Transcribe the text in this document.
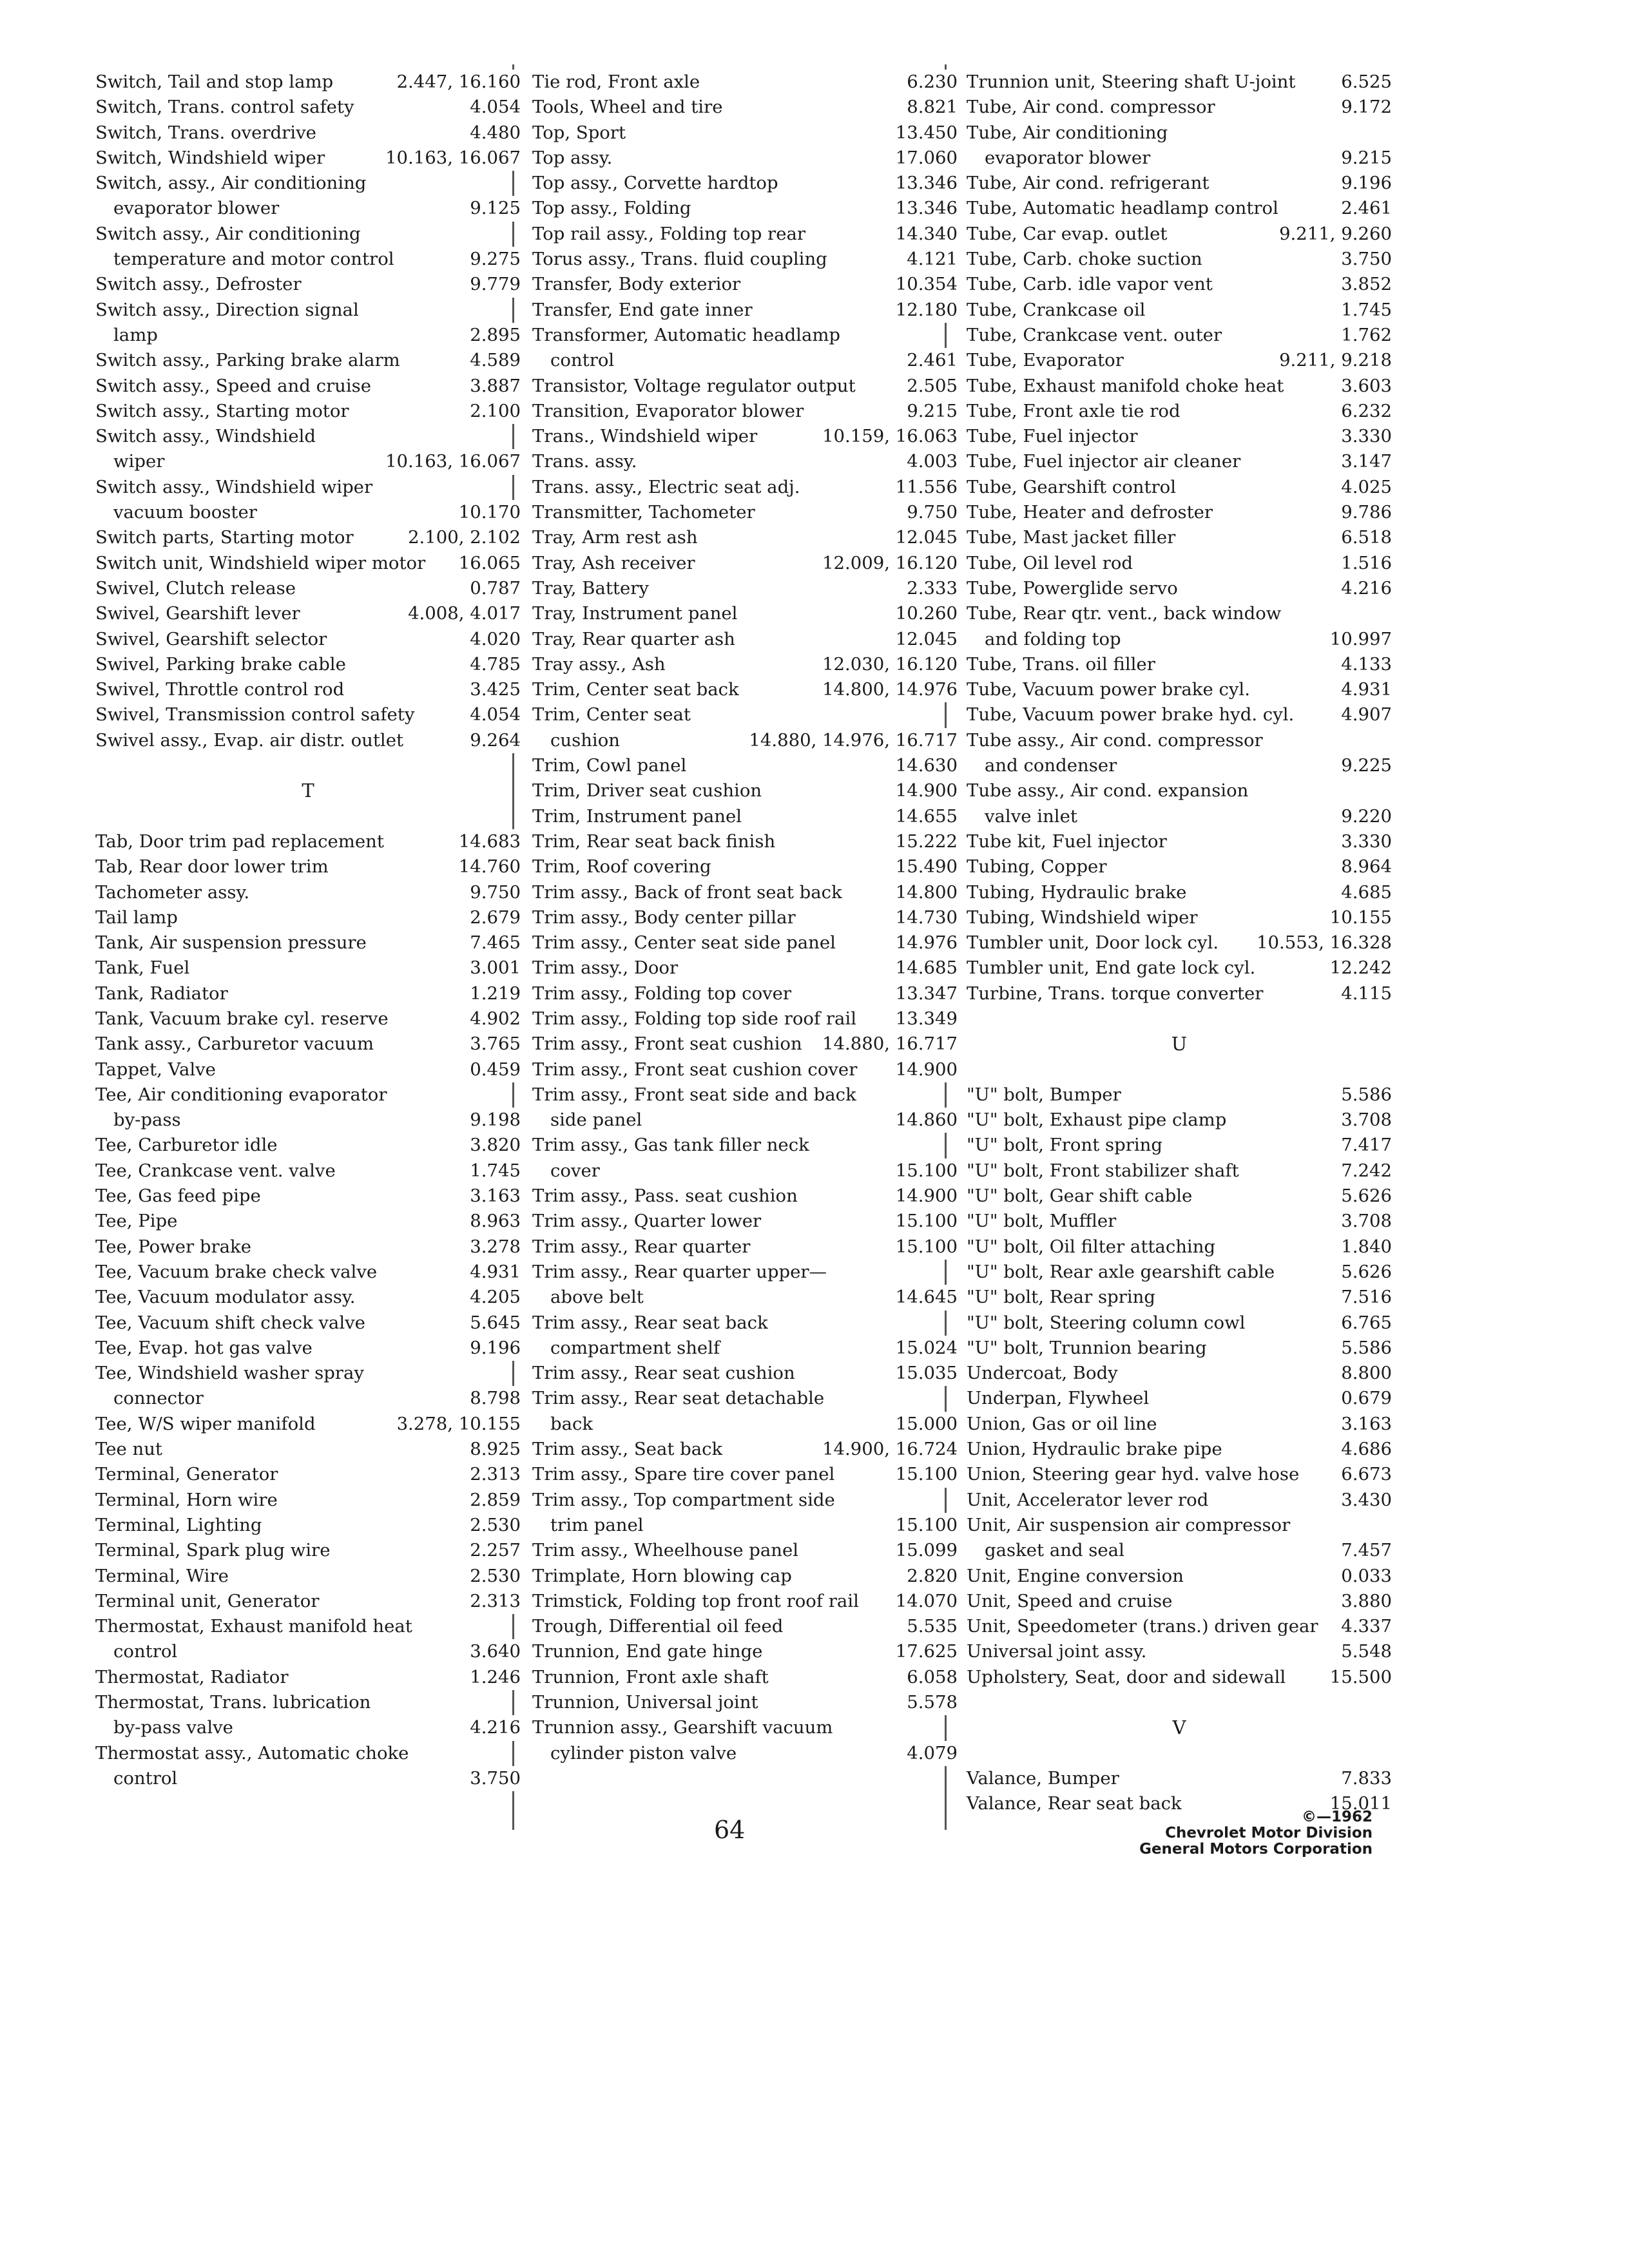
Switch, Tail and stop lamp	2.447, 16.160
Switch, Trans. control safety	4.054
Switch, Trans. overdrive	4.480
Switch, Windshield wiper	10.163, 16.067
Switch, assy., Air conditioning
evaporator blower	9.125
Switch assy., Air conditioning
temperature and motor control	9.275
Switch assy., Defroster	9.779
Switch assy., Direction signal
lamp	2.895
Switch assy., Parking brake alarm	4.589
Switch assy., Speed and cruise	3.887
Switch assy., Starting motor	2.100
Switch assy., Windshield
wiper	10.163, 16.067
Switch assy., Windshield wiper
vacuum booster	10.170
Switch parts, Starting motor	2.100, 2.102
Switch unit, Windshield wiper motor 16.065
Swivel, Clutch release	0.787
Swivel, Gearshift lever	4.008, 4.017
Swivel, Gearshift selector	4.020
Swivel, Parking brake cable	4.785
Swivel, Throttle control rod	3.425
Swivel, Transmission control safety	4.054
Swivel assy., Evap. air distr. outlet	9.264
T
Tab, Door trim pad replacement	14.683
Tab, Rear door lower trim	14.760
Tachometer assy.	9.750
Tail lamp	2.679
Tank, Air suspension pressure	7.465
Tank, Fuel	3.001
Tank, Radiator	1.219
Tank, Vacuum brake cyl. reserve	4.902
Tank assy., Carburetor vacuum	3.765
Tappet, Valve	0.459
Tee, Air conditioning evaporator
by-pass	9.198
Tee, Carburetor idle	3.820
Tee, Crankcase vent. valve	1.745
Tee, Gas feed pipe	3.163
Tee, Pipe	8.963
Tee, Power brake	3.278
Tee, Vacuum brake check valve	4.931
Tee, Vacuum modulator assy.	4.205
Tee, Vacuum shift check valve	5.645
Tee, Evap. hot gas valve	9.196
Tee, Windshield washer spray
connector	8.798
Tee, W/S wiper manifold	3.278, 10.155
Tee nut	8.925
Terminal, Generator	2.313
Terminal, Horn wire	2.859
Terminal, Lighting	2.530
Terminal, Spark plug wire	2.257
Terminal, Wire	2.530
Terminal unit, Generator	2.313
Thermostat, Exhaust manifold heat
control	3.640
Thermostat, Radiator	1.246
Thermostat, Trans. lubrication
by-pass valve	4.216
Thermostat assy., Automatic choke
control	3.750
Tie rod, Front axle	6.230
Tools, Wheel and tire	8.821
Top, Sport	13.450
Top assy.	17.060
Top assy., Corvette hardtop	13.346
Top assy., Folding	13.346
Top rail assy., Folding top rear	14.340
Torus assy., Trans. fluid coupling	4.121
Transfer, Body exterior	10.354
Transfer, End gate inner	12.180
Transformer, Automatic headlamp
control	2.461
Transistor, Voltage regulator output	2.505
Transition, Evaporator blower	9.215
Trans., Windshield wiper	10.159, 16.063
Trans. assy.	4.003
Trans. assy., Electric seat adj.	11.556
Transmitter, Tachometer	9.750
Tray, Arm rest ash	12.045
Tray, Ash receiver	12.009, 16.120
Tray, Battery	2.333
Tray, Instrument panel	10.260
Tray, Rear quarter ash	12.045
Tray assy., Ash	12.030, 16.120
Trim, Center seat back	14.800, 14.976
Trim, Center seat
cushion	14.880, 14.976, 16.717
Trim, Cowl panel	14.630
Trim, Driver seat cushion	14.900
Trim, Instrument panel	14.655
Trim, Rear seat back finish	15.222
Trim, Roof covering	15.490
Trim assy., Back of front seat back	14.800
Trim assy., Body center pillar	14.730
Trim assy., Center seat side panel	14.976
Trim assy., Door	14.685
Trim assy., Folding top cover	13.347
Trim assy., Folding top side roof rail 13.349
Trim assy., Front seat cushion 14.880, 16.717
Trim assy., Front seat cushion cover 14.900
Trim assy., Front seat side and back
side panel	14.860
Trim assy., Gas tank filler neck
cover	15.100
Trim assy., Pass. seat cushion	14.900
Trim assy., Quarter lower	15.100
Trim assy., Rear quarter	15.100
Trim assy., Rear quarter upper—
above belt	14.645
Trim assy., Rear seat back
compartment shelf	15.024
Trim assy., Rear seat cushion	15.035
Trim assy., Rear seat detachable
back	15.000
Trim assy., Seat back	14.900, 16.724
Trim assy., Spare tire cover panel	15.100
Trim assy., Top compartment side
trim panel	15.100
Trim assy., Wheelhouse panel	15.099
Trimplate, Horn blowing cap	2.820
Trimstick, Folding top front roof rail 14.070
Trough, Differential oil feed	5.535
Trunnion, End gate hinge	17.625
Trunnion, Front axle shaft	6.058
Trunnion, Universal joint	5.578
Trunnion assy., Gearshift vacuum
cylinder piston valve	4.079
Trunnion unit, Steering shaft U-joint	6.525
Tube, Air cond. compressor	9.172
Tube, Air conditioning
evaporator blower	9.215
Tube, Air cond. refrigerant	9.196
Tube, Automatic headlamp control	2.461
Tube, Car evap. outlet	9.211, 9.260
Tube, Carb. choke suction	3.750
Tube, Carb. idle vapor vent	3.852
Tube, Crankcase oil	1.745
Tube, Crankcase vent. outer	1.762
Tube, Evaporator	9.211, 9.218
Tube, Exhaust manifold choke heat	3.603
Tube, Front axle tie rod	6.232
Tube, Fuel injector	3.330
Tube, Fuel injector air cleaner	3.147
Tube, Gearshift control	4.025
Tube, Heater and defroster	9.786
Tube, Mast jacket filler	6.518
Tube, Oil level rod	1.516
Tube, Powerglide servo	4.216
Tube, Rear qtr. vent., back window
and folding top	10.997
Tube, Trans. oil filler	4.133
Tube, Vacuum power brake cyl.	4.931
Tube, Vacuum power brake hyd. cyl.	4.907
Tube assy., Air cond. compressor
and condenser	9.225
Tube assy., Air cond. expansion
valve inlet	9.220
Tube kit, Fuel injector	3.330
Tubing, Copper	8.964
Tubing, Hydraulic brake	4.685
Tubing, Windshield wiper	10.155
Tumbler unit, Door lock cyl. 10.553, 16.328
Tumbler unit, End gate lock cyl.	12.242
Turbine, Trans. torque converter	4.115
U
"U" bolt, Bumper	5.586
"U" bolt, Exhaust pipe clamp	3.708
"U" bolt, Front spring	7.417
"U" bolt, Front stabilizer shaft	7.242
"U" bolt, Gear shift cable	5.626
"U" bolt, Muffler	3.708
"U" bolt, Oil filter attaching	1.840
"U" bolt, Rear axle gearshift cable	5.626
"U" bolt, Rear spring	7.516
"U" bolt, Steering column cowl	6.765
"U" bolt, Trunnion bearing	5.586
Undercoat, Body	8.800
Underpan, Flywheel	0.679
Union, Gas or oil line	3.163
Union, Hydraulic brake pipe	4.686
Union, Steering gear hyd. valve hose 6.673
Unit, Accelerator lever rod	3.430
Unit, Air suspension air compressor
gasket and seal	7.457
Unit, Engine conversion	0.033
Unit, Speed and cruise	3.880
Unit, Speedometer (trans.) driven gear 4.337
Universal joint assy.	5.548
Upholstery, Seat, door and sidewall 15.500
V
Valance, Bumper	7.833
Valance, Rear seat back	15.011
64	©—1962
Chevrolet Motor Division
General Motors Corporation
